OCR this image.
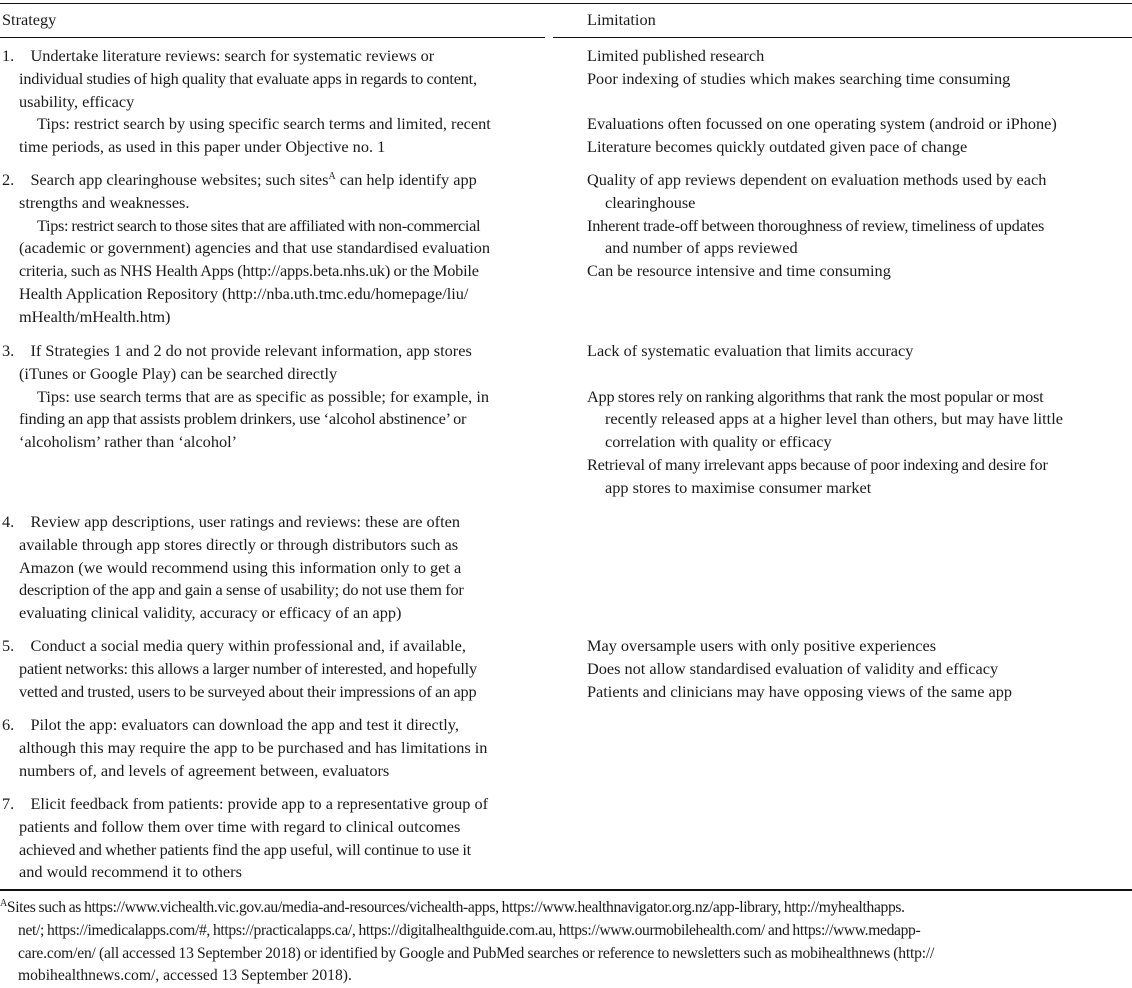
Strategy	Limitation
1. Undertake literature reviews: search for systematic reviews or
individual studies of high quality that evaluate apps in regards to content,
usability, efficacy
Tips: restrict search by using specific search terms and limited, recent
time periods, as used in this paper under Objective no. 1
Limited published research
Poor indexing of studies which makes searching time consuming
Evaluations often focussed on one operating system (android or iPhone)
Literature becomes quickly outdated given pace of change
2. Search app clearinghouse websites; such sites$^A$ can help identify app
strengths and weaknesses.
Tips: restrict search to those sites that are affiliated with non-commercial
(academic or government) agencies and that use standardised evaluation
criteria, such as NHS Health Apps (http://apps.beta.nhs.uk) or the Mobile
Health Application Repository (http://nba.uth.tmc.edu/homepage/liu/
mHealth/mHealth.htm)
Quality of app reviews dependent on evaluation methods used by each
clearinghouse
Inherent trade-off between thoroughness of review, timeliness of updates
and number of apps reviewed
Can be resource intensive and time consuming
3. If Strategies 1 and 2 do not provide relevant information, app stores
(iTunes or Google Play) can be searched directly
Tips: use search terms that are as specific as possible; for example, in
finding an app that assists problem drinkers, use ‘alcohol abstinence’ or
‘alcoholism’ rather than ‘alcohol’
Lack of systematic evaluation that limits accuracy
App stores rely on ranking algorithms that rank the most popular or most
recently released apps at a higher level than others, but may have little
correlation with quality or efficacy
Retrieval of many irrelevant apps because of poor indexing and desire for
app stores to maximise consumer market
4. Review app descriptions, user ratings and reviews: these are often
available through app stores directly or through distributors such as
Amazon (we would recommend using this information only to get a
description of the app and gain a sense of usability; do not use them for
evaluating clinical validity, accuracy or efficacy of an app)
5. Conduct a social media query within professional and, if available,
patient networks: this allows a larger number of interested, and hopefully
vetted and trusted, users to be surveyed about their impressions of an app
May oversample users with only positive experiences
Does not allow standardised evaluation of validity and efficacy
Patients and clinicians may have opposing views of the same app
6. Pilot the app: evaluators can download the app and test it directly,
although this may require the app to be purchased and has limitations in
numbers of, and levels of agreement between, evaluators
7. Elicit feedback from patients: provide app to a representative group of
patients and follow them over time with regard to clinical outcomes
achieved and whether patients find the app useful, will continue to use it
and would recommend it to others
$^A$Sites such as https://www.vichealth.vic.gov.au/media-and-resources/vichealth-apps, https://www.healthnavigator.org.nz/app-library, http://myhealthapps.
net/; https://imedicalapps.com/#, https://practicalapps.ca/, https://digitalhealthguide.com.au, https://www.ourmobilehealth.com/ and https://www.medapp-
care.com/en/ (all accessed 13 September 2018) or identified by Google and PubMed searches or reference to newsletters such as mobihealthnews (http://
mobihealthnews.com/, accessed 13 September 2018).
